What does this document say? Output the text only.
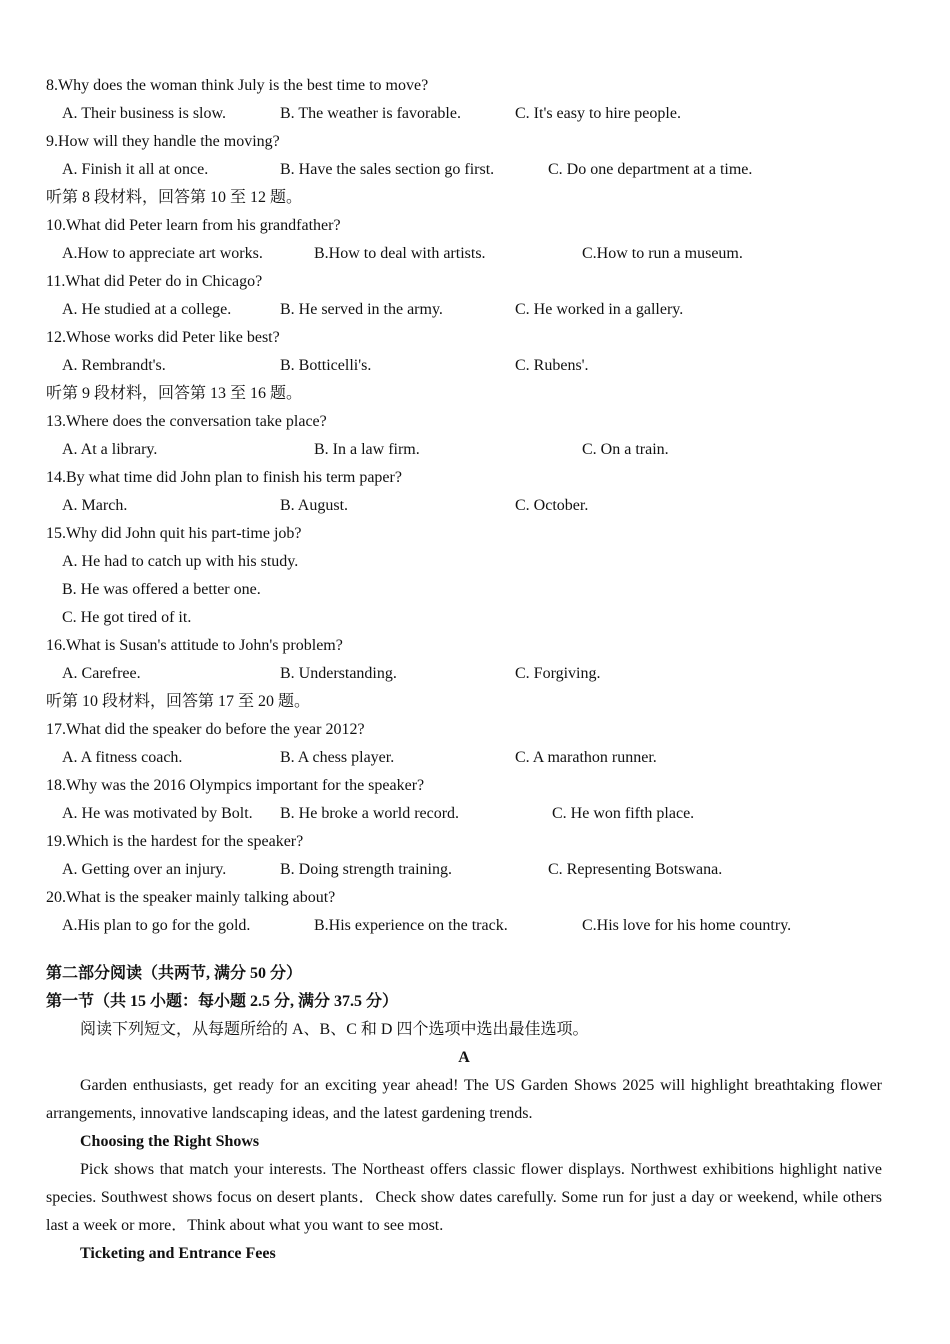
8.Why does the woman think July is the best time to move?
A. Their business is slow.	B. The weather is favorable.	C. It's easy to hire people.
9.How will they handle the moving?
A. Finish it all at once.	B. Have the sales section go first.	C. Do one department at a time.
听第 8 段材料，回答第 10 至 12 题。
10.What did Peter learn from his grandfather?
A.How to appreciate art works.	B.How to deal with artists.	C.How to run a museum.
11.What did Peter do in Chicago?
A. He studied at a college.	B. He served in the army.	C. He worked in a gallery.
12.Whose works did Peter like best?
A. Rembrandt's.	B. Botticelli's.	C. Rubens'.
听第 9 段材料，回答第 13 至 16 题。
13.Where does the conversation take place?
A. At a library.	B. In a law firm.	C. On a train.
14.By what time did John plan to finish his term paper?
A. March.	B. August.	C. October.
15.Why did John quit his part-time job?
A. He had to catch up with his study.
B. He was offered a better one.
C. He got tired of it.
16.What is Susan's attitude to John's problem?
A. Carefree.	B. Understanding.	C. Forgiving.
听第 10 段材料，回答第 17 至 20 题。
17.What did the speaker do before the year 2012?
A. A fitness coach.	B. A chess player.	C. A marathon runner.
18.Why was the 2016 Olympics important for the speaker?
A. He was motivated by Bolt. B. He broke a world record.	C. He won fifth place.
19.Which is the hardest for the speaker?
A. Getting over an injury.	B. Doing strength training.	C. Representing Botswana.
20.What is the speaker mainly talking about?
A.His plan to go for the gold.	B.His experience on the track.	C.His love for his home country.
第二部分阅读（共两节, 满分 50 分）
第一节（共 15 小题：每小题 2.5 分, 满分 37.5 分）
阅读下列短文，从每题所给的 A、B、C 和 D 四个选项中选出最佳选项。
A
Garden enthusiasts, get ready for an exciting year ahead! The US Garden Shows 2025 will highlight breathtaking flower arrangements, innovative landscaping ideas, and the latest gardening trends.
Choosing the Right Shows
Pick shows that match your interests. The Northeast offers classic flower displays. Northwest exhibitions highlight native species. Southwest shows focus on desert plants．Check show dates carefully. Some run for just a day or weekend, while others last a week or more．Think about what you want to see most.
Ticketing and Entrance Fees
